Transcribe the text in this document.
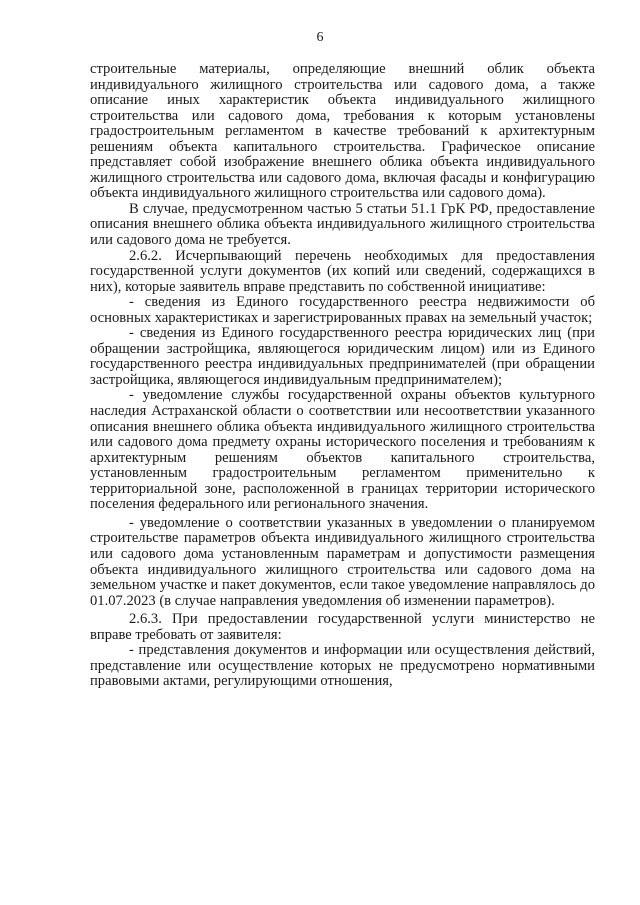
6

строительные материалы, определяющие внешний облик объекта индивидуального жилищного строительства или садового дома, а также описание иных характеристик объекта индивидуального жилищного строительства или садового дома, требования к которым установлены градостроительным регламентом в качестве требований к архитектурным решениям объекта капитального строительства. Графическое описание представляет собой изображение внешнего облика объекта индивидуального жилищного строительства или садового дома, включая фасады и конфигурацию объекта индивидуального жилищного строительства или садового дома).

В случае, предусмотренном частью 5 статьи 51.1 ГрК РФ, предоставление описания внешнего облика объекта индивидуального жилищного строительства или садового дома не требуется.

2.6.2. Исчерпывающий перечень необходимых для предоставления государственной услуги документов (их копий или сведений, содержащихся в них), которые заявитель вправе представить по собственной инициативе:

- сведения из Единого государственного реестра недвижимости об основных характеристиках и зарегистрированных правах на земельный участок;

- сведения из Единого государственного реестра юридических лиц (при обращении застройщика, являющегося юридическим лицом) или из Единого государственного реестра индивидуальных предпринимателей (при обращении застройщика, являющегося индивидуальным предпринимателем);

- уведомление службы государственной охраны объектов культурного наследия Астраханской области о соответствии или несоответствии указанного описания внешнего облика объекта индивидуального жилищного строительства или садового дома предмету охраны исторического поселения и требованиям к архитектурным решениям объектов капитального строительства, установленным градостроительным регламентом применительно к территориальной зоне, расположенной в границах территории исторического поселения федерального или регионального значения.

- уведомление о соответствии указанных в уведомлении о планируемом строительстве параметров объекта индивидуального жилищного строительства или садового дома установленным параметрам и допустимости размещения объекта индивидуального жилищного строительства или садового дома на земельном участке и пакет документов, если такое уведомление направлялось до 01.07.2023 (в случае направления уведомления об изменении параметров).

2.6.3. При предоставлении государственной услуги министерство не вправе требовать от заявителя:

- представления документов и информации или осуществления действий, представление или осуществление которых не предусмотрено нормативными правовыми актами, регулирующими отношения,
